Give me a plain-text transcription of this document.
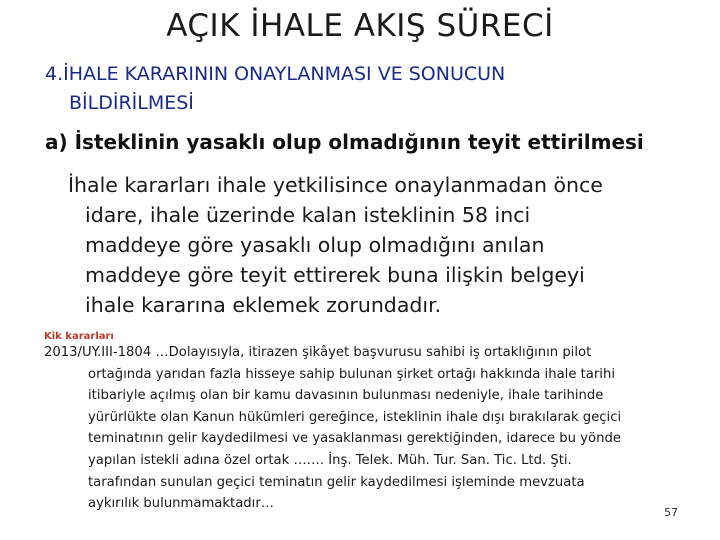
AÇIK İHALE AKIŞ SÜRECİ
4.İHALE KARARININ ONAYLANMASI VE SONUCUN
BİLDİRİLMESİ
a) İsteklinin yasaklı olup olmadığının teyit ettirilmesi
İhale kararları ihale yetkilisince onaylanmadan önce
idare, ihale üzerinde kalan isteklinin 58 inci
maddeye göre yasaklı olup olmadığını anılan
maddeye göre teyit ettirerek buna ilişkin belgeyi
ihale kararına eklemek zorundadır.
Kik kararları
2013/UY.III-1804 …Dolayısıyla, itirazen şikâyet başvurusu sahibi iş ortaklığının pilot
ortağında yarıdan fazla hisseye sahip bulunan şirket ortağı hakkında ihale tarihi
itibariyle açılmış olan bir kamu davasının bulunması nedeniyle, ihale tarihinde
yürürlükte olan Kanun hükümleri gereğince, isteklinin ihale dışı bırakılarak geçici
teminatının gelir kaydedilmesi ve yasaklanması gerektiğinden, idarece bu yönde
yapılan istekli adına özel ortak ……. İnş. Telek. Müh. Tur. San. Tic. Ltd. Şti.
tarafından sunulan geçici teminatın gelir kaydedilmesi işleminde mevzuata
aykırılık bulunmamaktadır…
57
